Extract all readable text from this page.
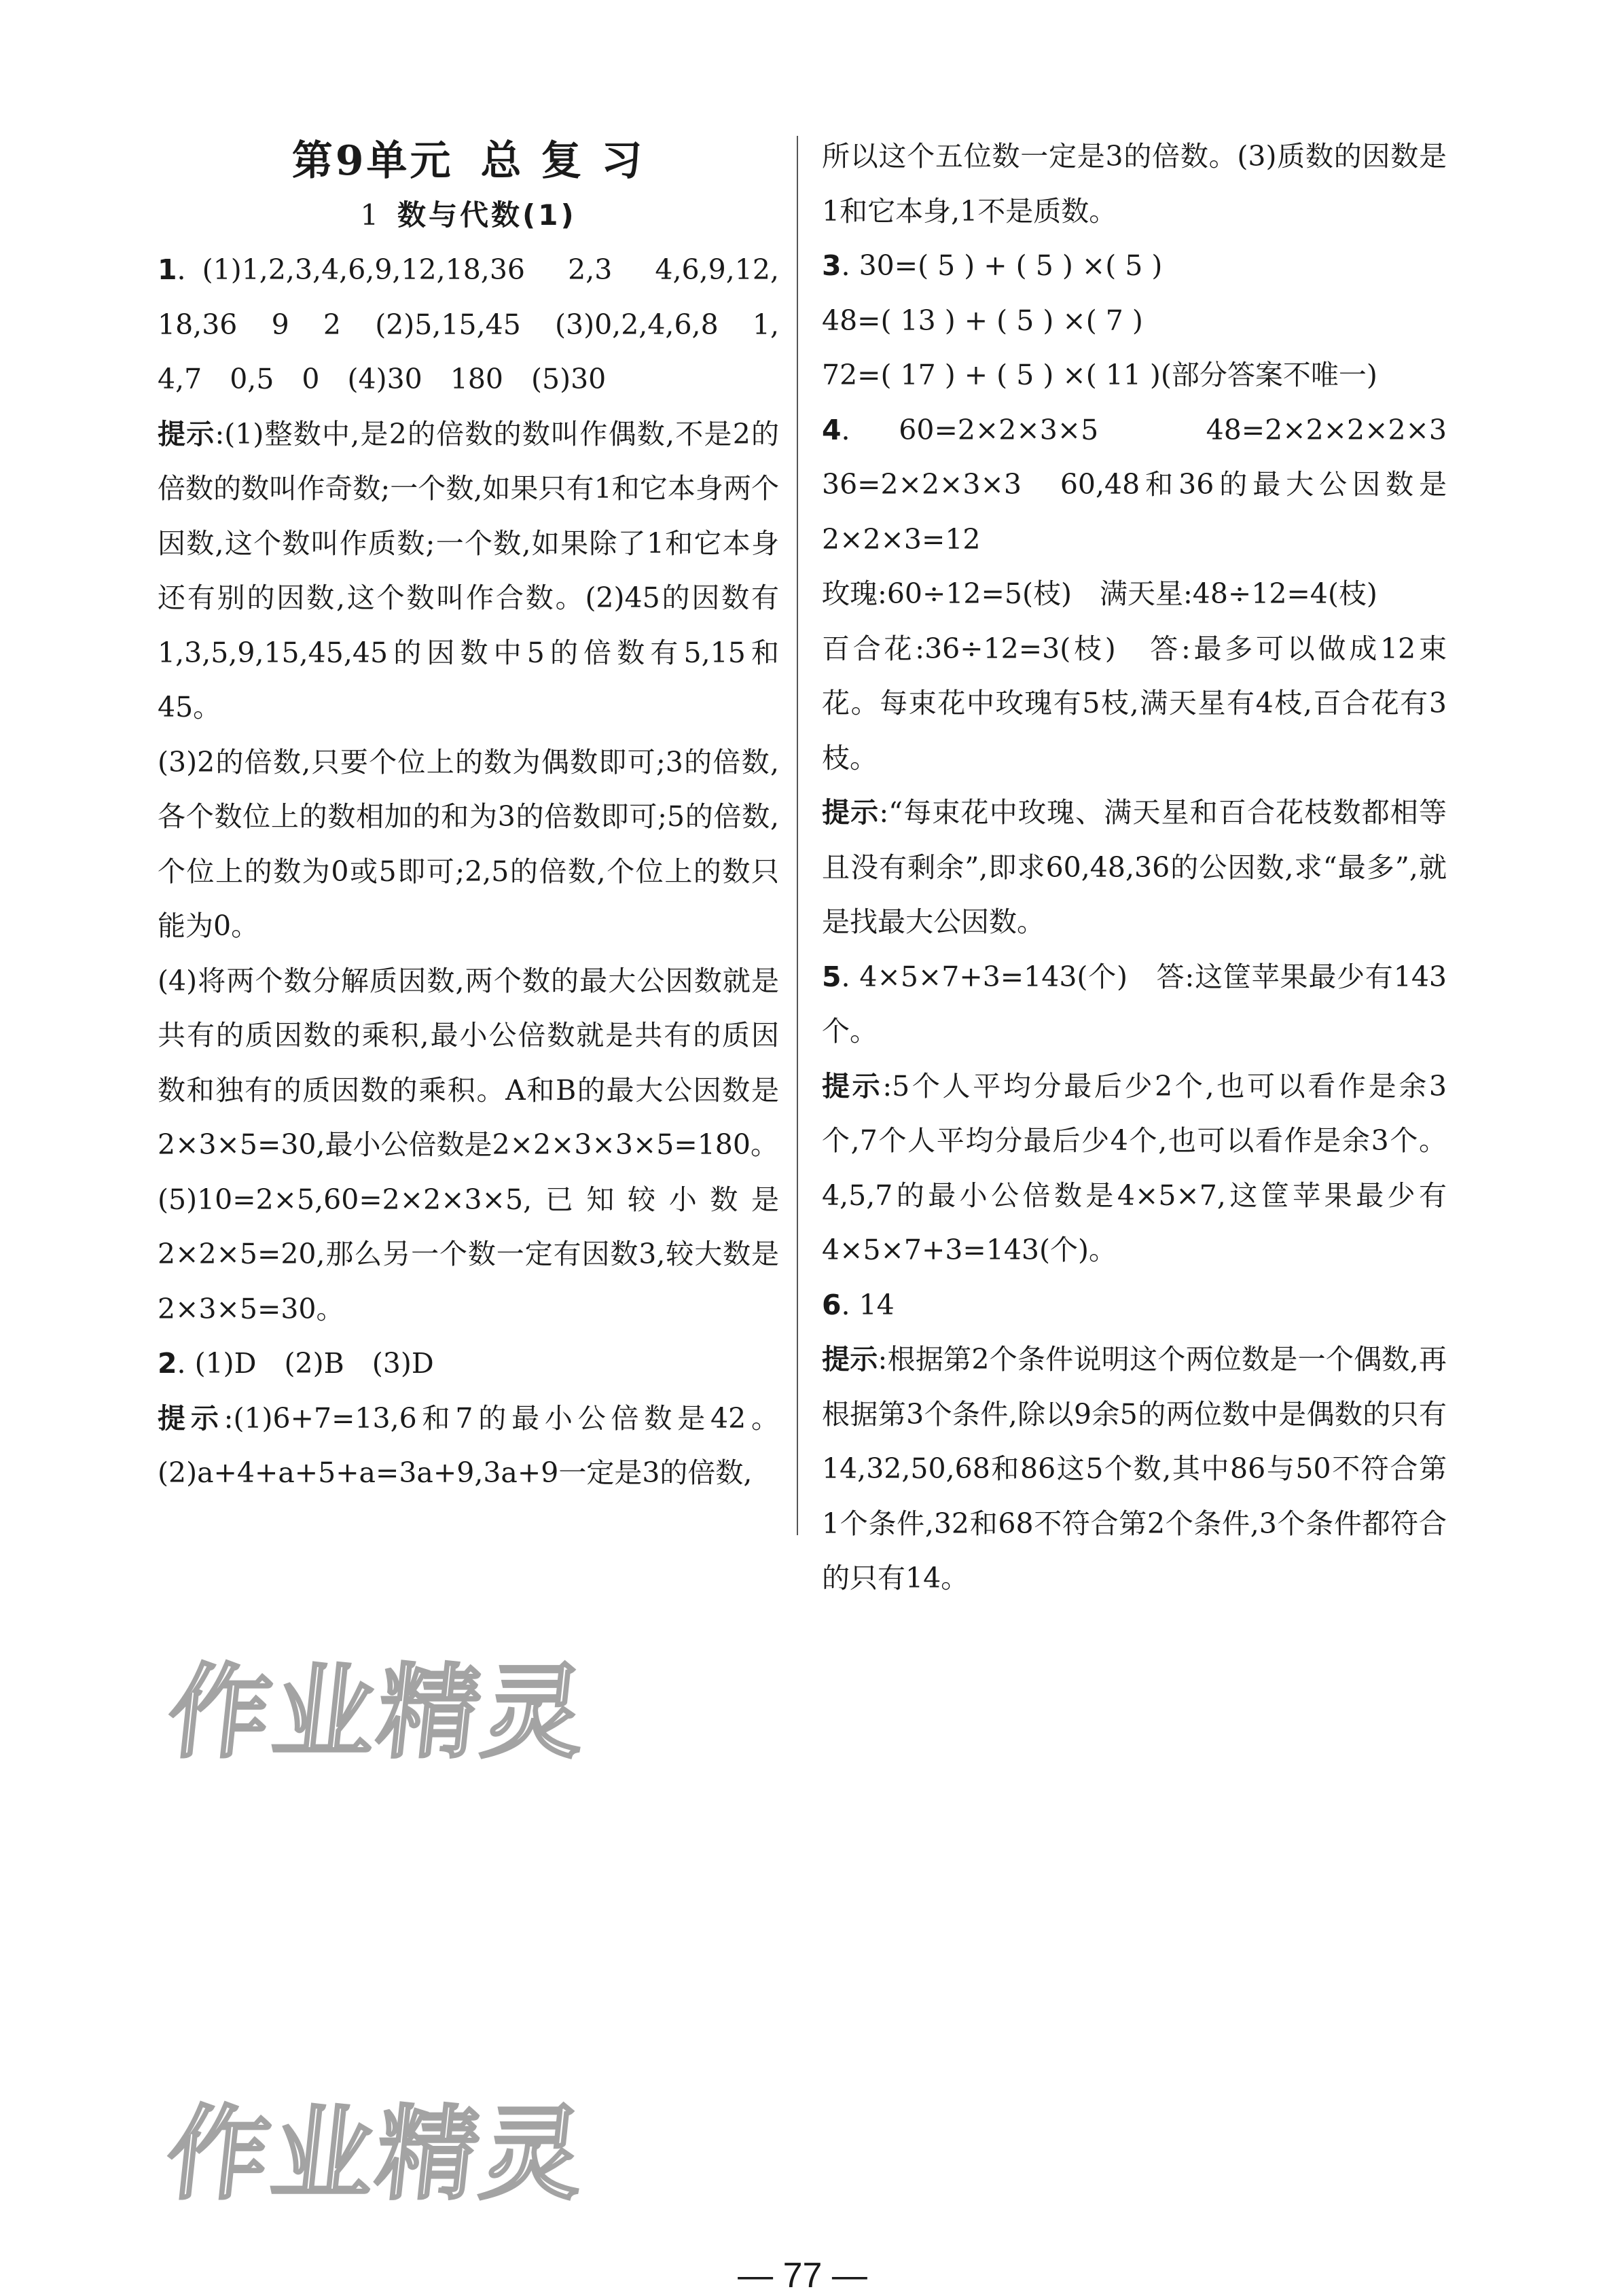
第9单元 总 复 习
1 数与代数(1)

1. (1)1,2,3,4,6,9,12,18,36　2,3　4,6,9,12, 18,36　9　2　(2)5,15,45　(3)0,2,4,6,8　1, 4,7　0,5　0　(4)30　180　(5)30

提示:(1)整数中,是2的倍数的数叫作偶数,不是2的倍数的数叫作奇数;一个数,如果只有1和它本身两个因数,这个数叫作质数;一个数,如果除了1和它本身还有别的因数,这个数叫作合数。(2)45的因数有1,3,5,9,15,45,45的因数中5的倍数有5,15和45。

(3)2的倍数,只要个位上的数为偶数即可;3的倍数,各个数位上的数相加的和为3的倍数即可;5的倍数,个位上的数为0或5即可;2,5的倍数,个位上的数只能为0。

(4)将两个数分解质因数,两个数的最大公因数就是共有的质因数的乘积,最小公倍数就是共有的质因数和独有的质因数的乘积。A和B的最大公因数是2×3×5=30,最小公倍数是2×2×3×3×5=180。

(5)10=2×5,60=2×2×3×5,已知较小数是2×2×5=20,那么另一个数一定有因数3,较大数是2×3×5=30。

2. (1)D　(2)B　(3)D

提示:(1)6+7=13,6和7的最小公倍数是42。(2)a+4+a+5+a=3a+9,3a+9一定是3的倍数,

所以这个五位数一定是3的倍数。(3)质数的因数是1和它本身,1不是质数。

3. 30=( 5 ) + ( 5 ) ×( 5 )

48=( 13 ) + ( 5 ) ×( 7 )

72=( 17 ) + ( 5 ) ×( 11 )(部分答案不唯一)

4. 60=2×2×3×5　48=2×2×2×2×3　36=2×2×3×3　60,48和36的最大公因数是2×2×3=12

玫瑰:60÷12=5(枝)　满天星:48÷12=4(枝)

百合花:36÷12=3(枝)　答:最多可以做成12束花。每束花中玫瑰有5枝,满天星有4枝,百合花有3枝。

提示:“每束花中玫瑰、满天星和百合花枝数都相等且没有剩余”,即求60,48,36的公因数,求“最多”,就是找最大公因数。

5. 4×5×7+3=143(个)　答:这筐苹果最少有143个。

提示:5个人平均分最后少2个,也可以看作是余3个,7个人平均分最后少4个,也可以看作是余3个。4,5,7的最小公倍数是4×5×7,这筐苹果最少有4×5×7+3=143(个)。

6. 14

提示:根据第2个条件说明这个两位数是一个偶数,再根据第3个条件,除以9余5的两位数中是偶数的只有14,32,50,68和86这5个数,其中86与50不符合第1个条件,32和68不符合第2个条件,3个条件都符合的只有14。

作业精灵
作业精灵
— 77 —
